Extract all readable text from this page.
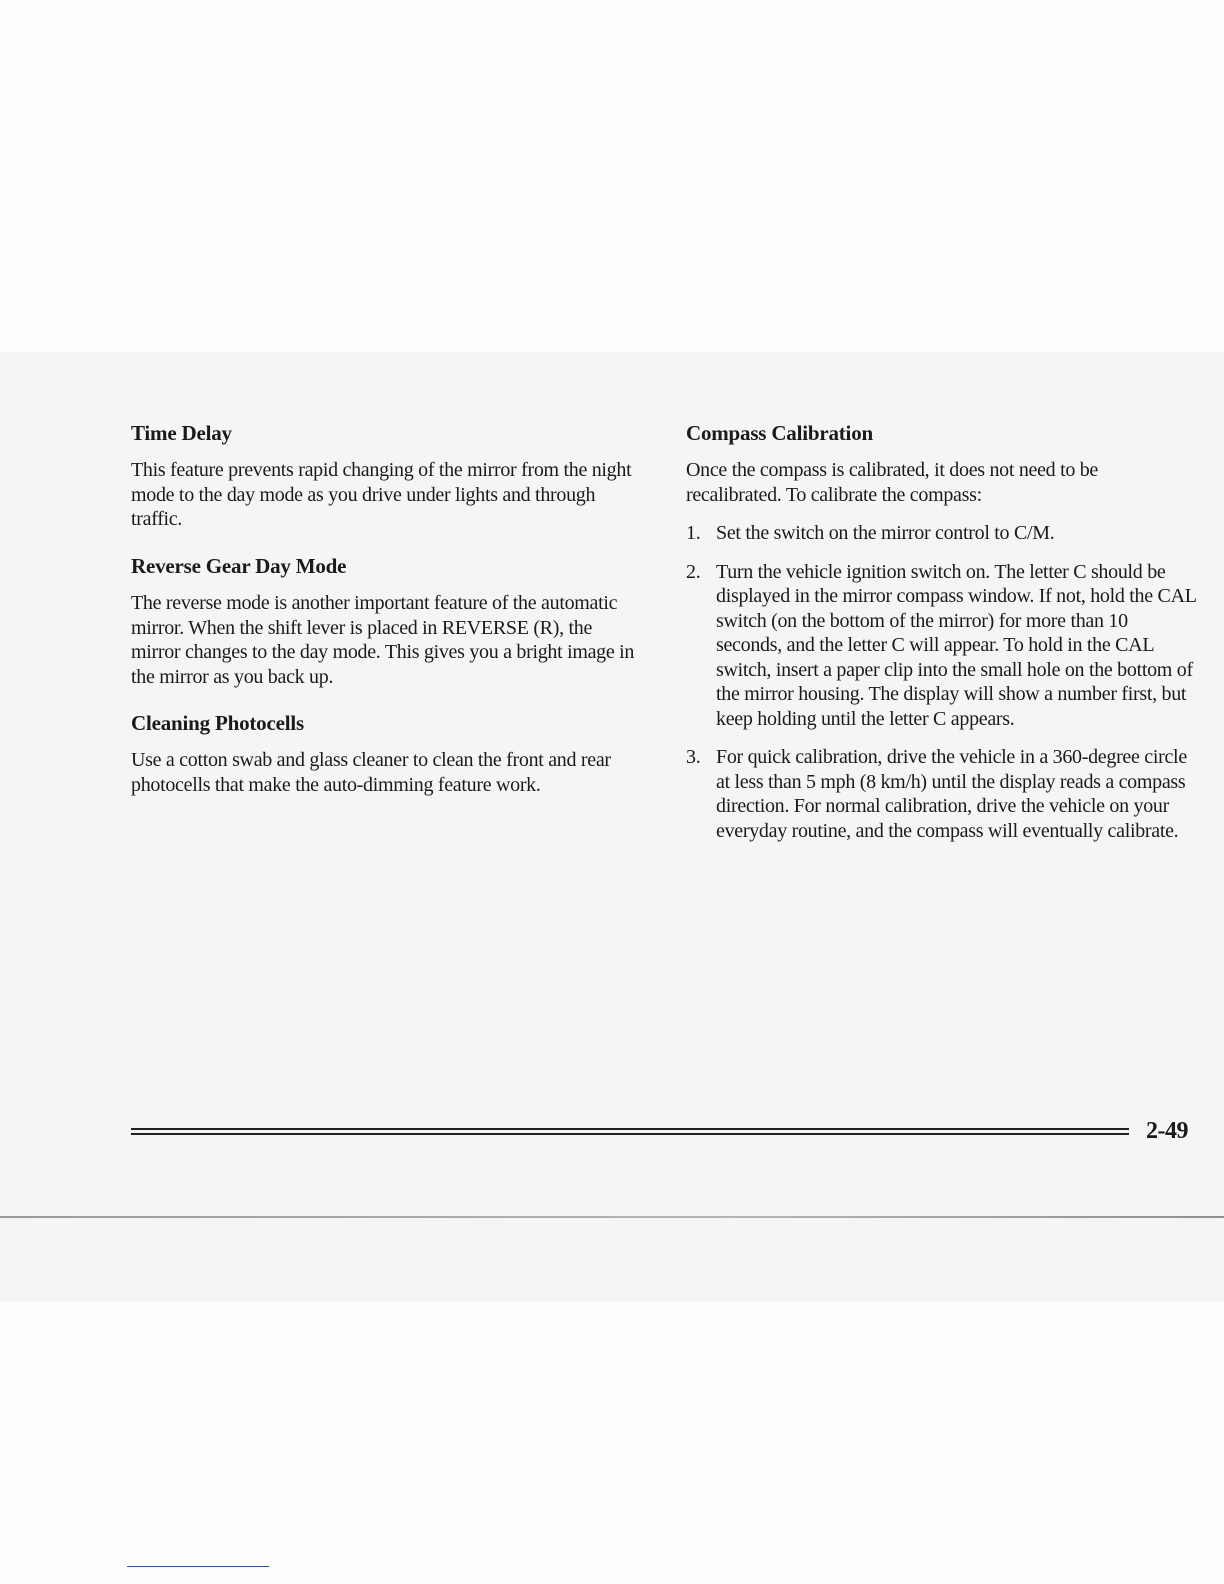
Time Delay

This feature prevents rapid changing of the mirror from the night mode to the day mode as you drive under lights and through traffic.

Reverse Gear Day Mode

The reverse mode is another important feature of the automatic mirror. When the shift lever is placed in REVERSE (R), the mirror changes to the day mode. This gives you a bright image in the mirror as you back up.

Cleaning Photocells

Use a cotton swab and glass cleaner to clean the front and rear photocells that make the auto-dimming feature work.

Compass Calibration

Once the compass is calibrated, it does not need to be recalibrated. To calibrate the compass:

1. Set the switch on the mirror control to C/M.
2. Turn the vehicle ignition switch on. The letter C should be displayed in the mirror compass window. If not, hold the CAL switch (on the bottom of the mirror) for more than 10 seconds, and the letter C will appear. To hold in the CAL switch, insert a paper clip into the small hole on the bottom of the mirror housing. The display will show a number first, but keep holding until the letter C appears.
3. For quick calibration, drive the vehicle in a 360-degree circle at less than 5 mph (8 km/h) until the display reads a compass direction. For normal calibration, drive the vehicle on your everyday routine, and the compass will eventually calibrate.
2-49
